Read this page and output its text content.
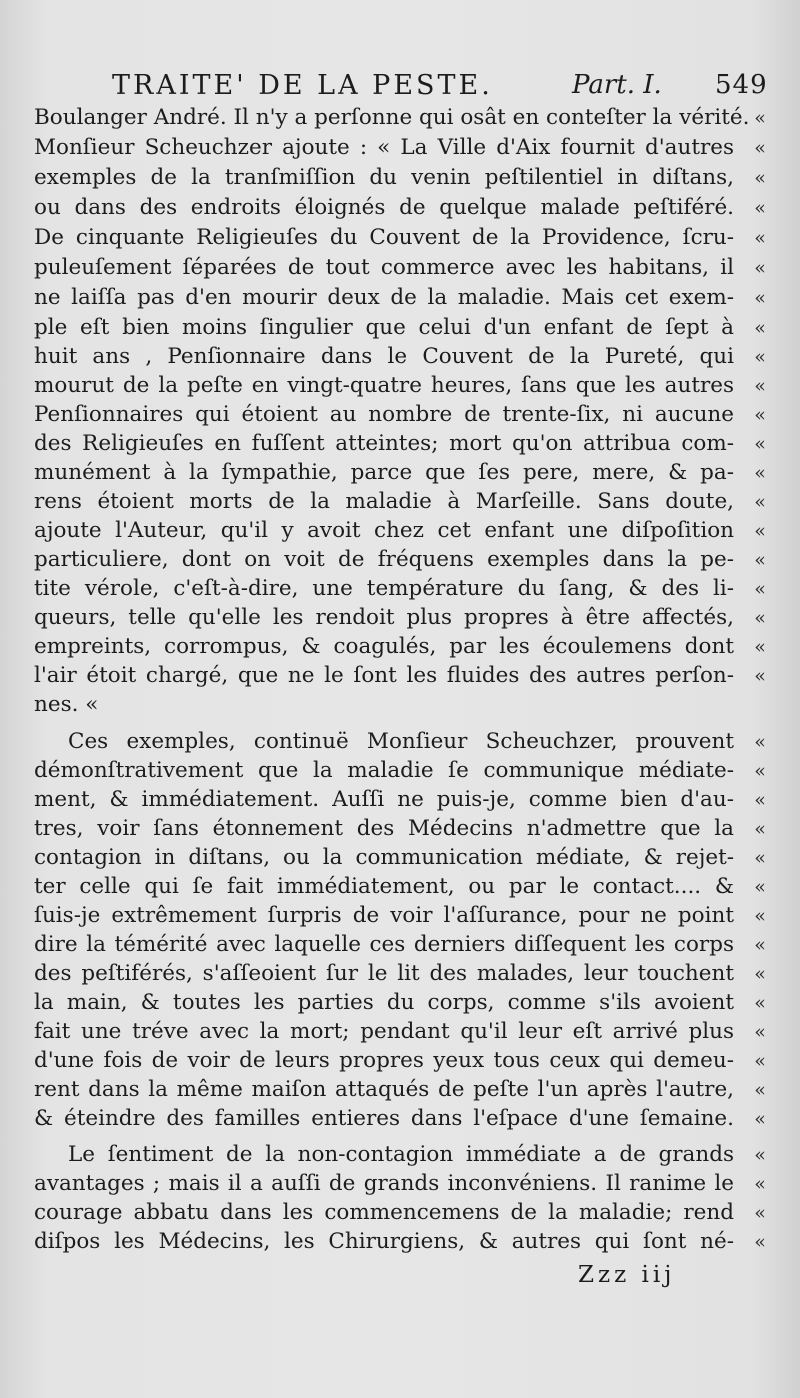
TRAITE' DE LA PESTE.	Part. I. 549
Boulanger André. Il n'y a perſonne qui osât en conteſter la vérité.
Monſieur Scheuchzer ajoute : « La Ville d'Aix fournit d'autres
exemples de la tranſmiſſion du venin peſtilentiel in diſtans,
ou dans des endroits éloignés de quelque malade peſtiféré.
De cinquante Religieuſes du Couvent de la Providence, ſcru-
puleuſement ſéparées de tout commerce avec les habitans, il
ne laiſſa pas d'en mourir deux de la maladie. Mais cet exem-
ple eſt bien moins ſingulier que celui d'un enfant de ſept à
huit ans , Penſionnaire dans le Couvent de la Pureté, qui
mourut de la peſte en vingt-quatre heures, ſans que les autres
Penſionnaires qui étoient au nombre de trente-ſix, ni aucune
des Religieuſes en fuſſent atteintes; mort qu'on attribua com-
munément à la ſympathie, parce que ſes pere, mere, & pa-
rens étoient morts de la maladie à Marſeille. Sans doute,
ajoute l'Auteur, qu'il y avoit chez cet enfant une diſpoſition
particuliere, dont on voit de fréquens exemples dans la pe-
tite vérole, c'eſt-à-dire, une température du ſang, & des li-
queurs, telle qu'elle les rendoit plus propres à être affectés,
empreints, corrompus, & coagulés, par les écoulemens dont
l'air étoit chargé, que ne le ſont les fluides des autres perſon-
nes. «
Ces exemples, continuë Monſieur Scheuchzer, prouvent
démonſtrativement que la maladie ſe communique médiate-
ment, & immédiatement. Auſſi ne puis-je, comme bien d'au-
tres, voir ſans étonnement des Médecins n'admettre que la
contagion in diſtans, ou la communication médiate, & rejet-
ter celle qui ſe fait immédiatement, ou par le contact.... &
ſuis-je extrêmement ſurpris de voir l'aſſurance, pour ne point
dire la témérité avec laquelle ces derniers diſſequent les corps
des peſtiférés, s'aſſeoient ſur le lit des malades, leur touchent
la main, & toutes les parties du corps, comme s'ils avoient
fait une tréve avec la mort; pendant qu'il leur eſt arrivé plus
d'une fois de voir de leurs propres yeux tous ceux qui demeu-
rent dans la même maiſon attaqués de peſte l'un après l'autre,
& éteindre des familles entieres dans l'eſpace d'une ſemaine.
Le ſentiment de la non-contagion immédiate a de grands
avantages ; mais il a auſſi de grands inconvéniens. Il ranime le
courage abbatu dans les commencemens de la maladie; rend
diſpos les Médecins, les Chirurgiens, & autres qui ſont né-
«
«
«
«
«
«
«
«
«
«
«
«
«
«
«
«
«
«
«
«
«
«
«
«
«
«
«
«
«
«
«
«
«
«
«
«
«
«
Zzz iij
